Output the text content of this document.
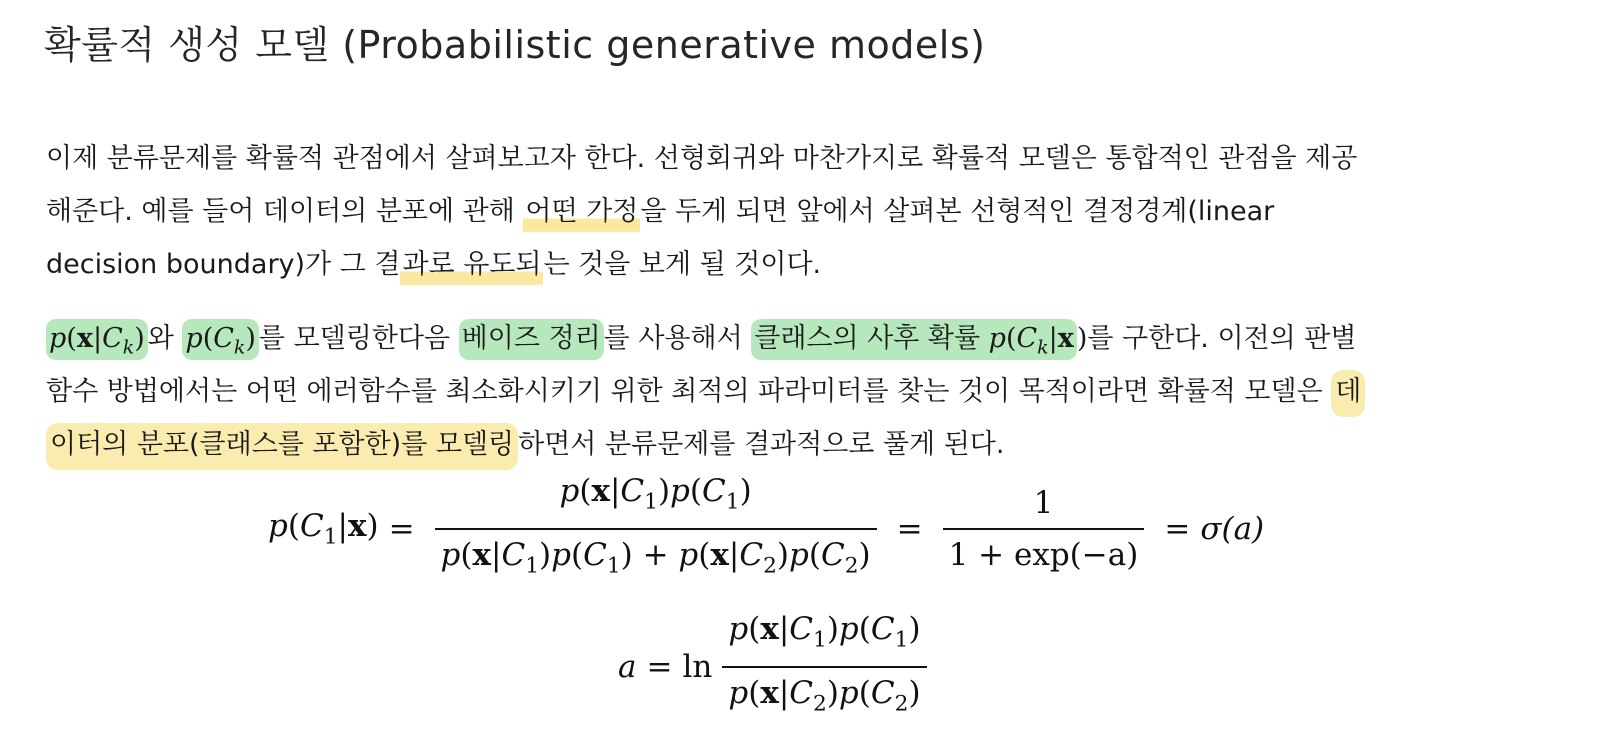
확률적 생성 모델 (Probabilistic generative models)
이제 분류문제를 확률적 관점에서 살펴보고자 한다. 선형회귀와 마찬가지로 확률적 모델은 통합적인 관점을 제공
해준다. 예를 들어 데이터의 분포에 관해 어떤 가정을 두게 되면 앞에서 살펴본 선형적인 결정경계(linear
decision boundary)가 그 결과로 유도되는 것을 보게 될 것이다.
$p(x|C_k)$ 와 $p(C_k)$ 를 모델링한다음 베이즈 정리 를 사용해서 클래스의 사후 확률 $p(C_k|x$ )를 구한다. 이전의 판별
함수 방법에서는 어떤 에러함수를 최소화시키기 위한 최적의 파라미터를 찾는 것이 목적이라면 확률적 모델은 데
이터의 분포(클래스를 포함한)를 모델링 하면서 분류문제를 결과적으로 풀게 된다.
$p(C_1|x) = \frac{p(x|C_1)p(C_1)}{p(x|C_1)p(C_1) + p(x|C_2)p(C_2)} = \frac{1}{1 + \exp(-a)} = \sigma(a)$
$a = \ln \frac{p(x|C_1)p(C_1)}{p(x|C_2)p(C_2)}$
